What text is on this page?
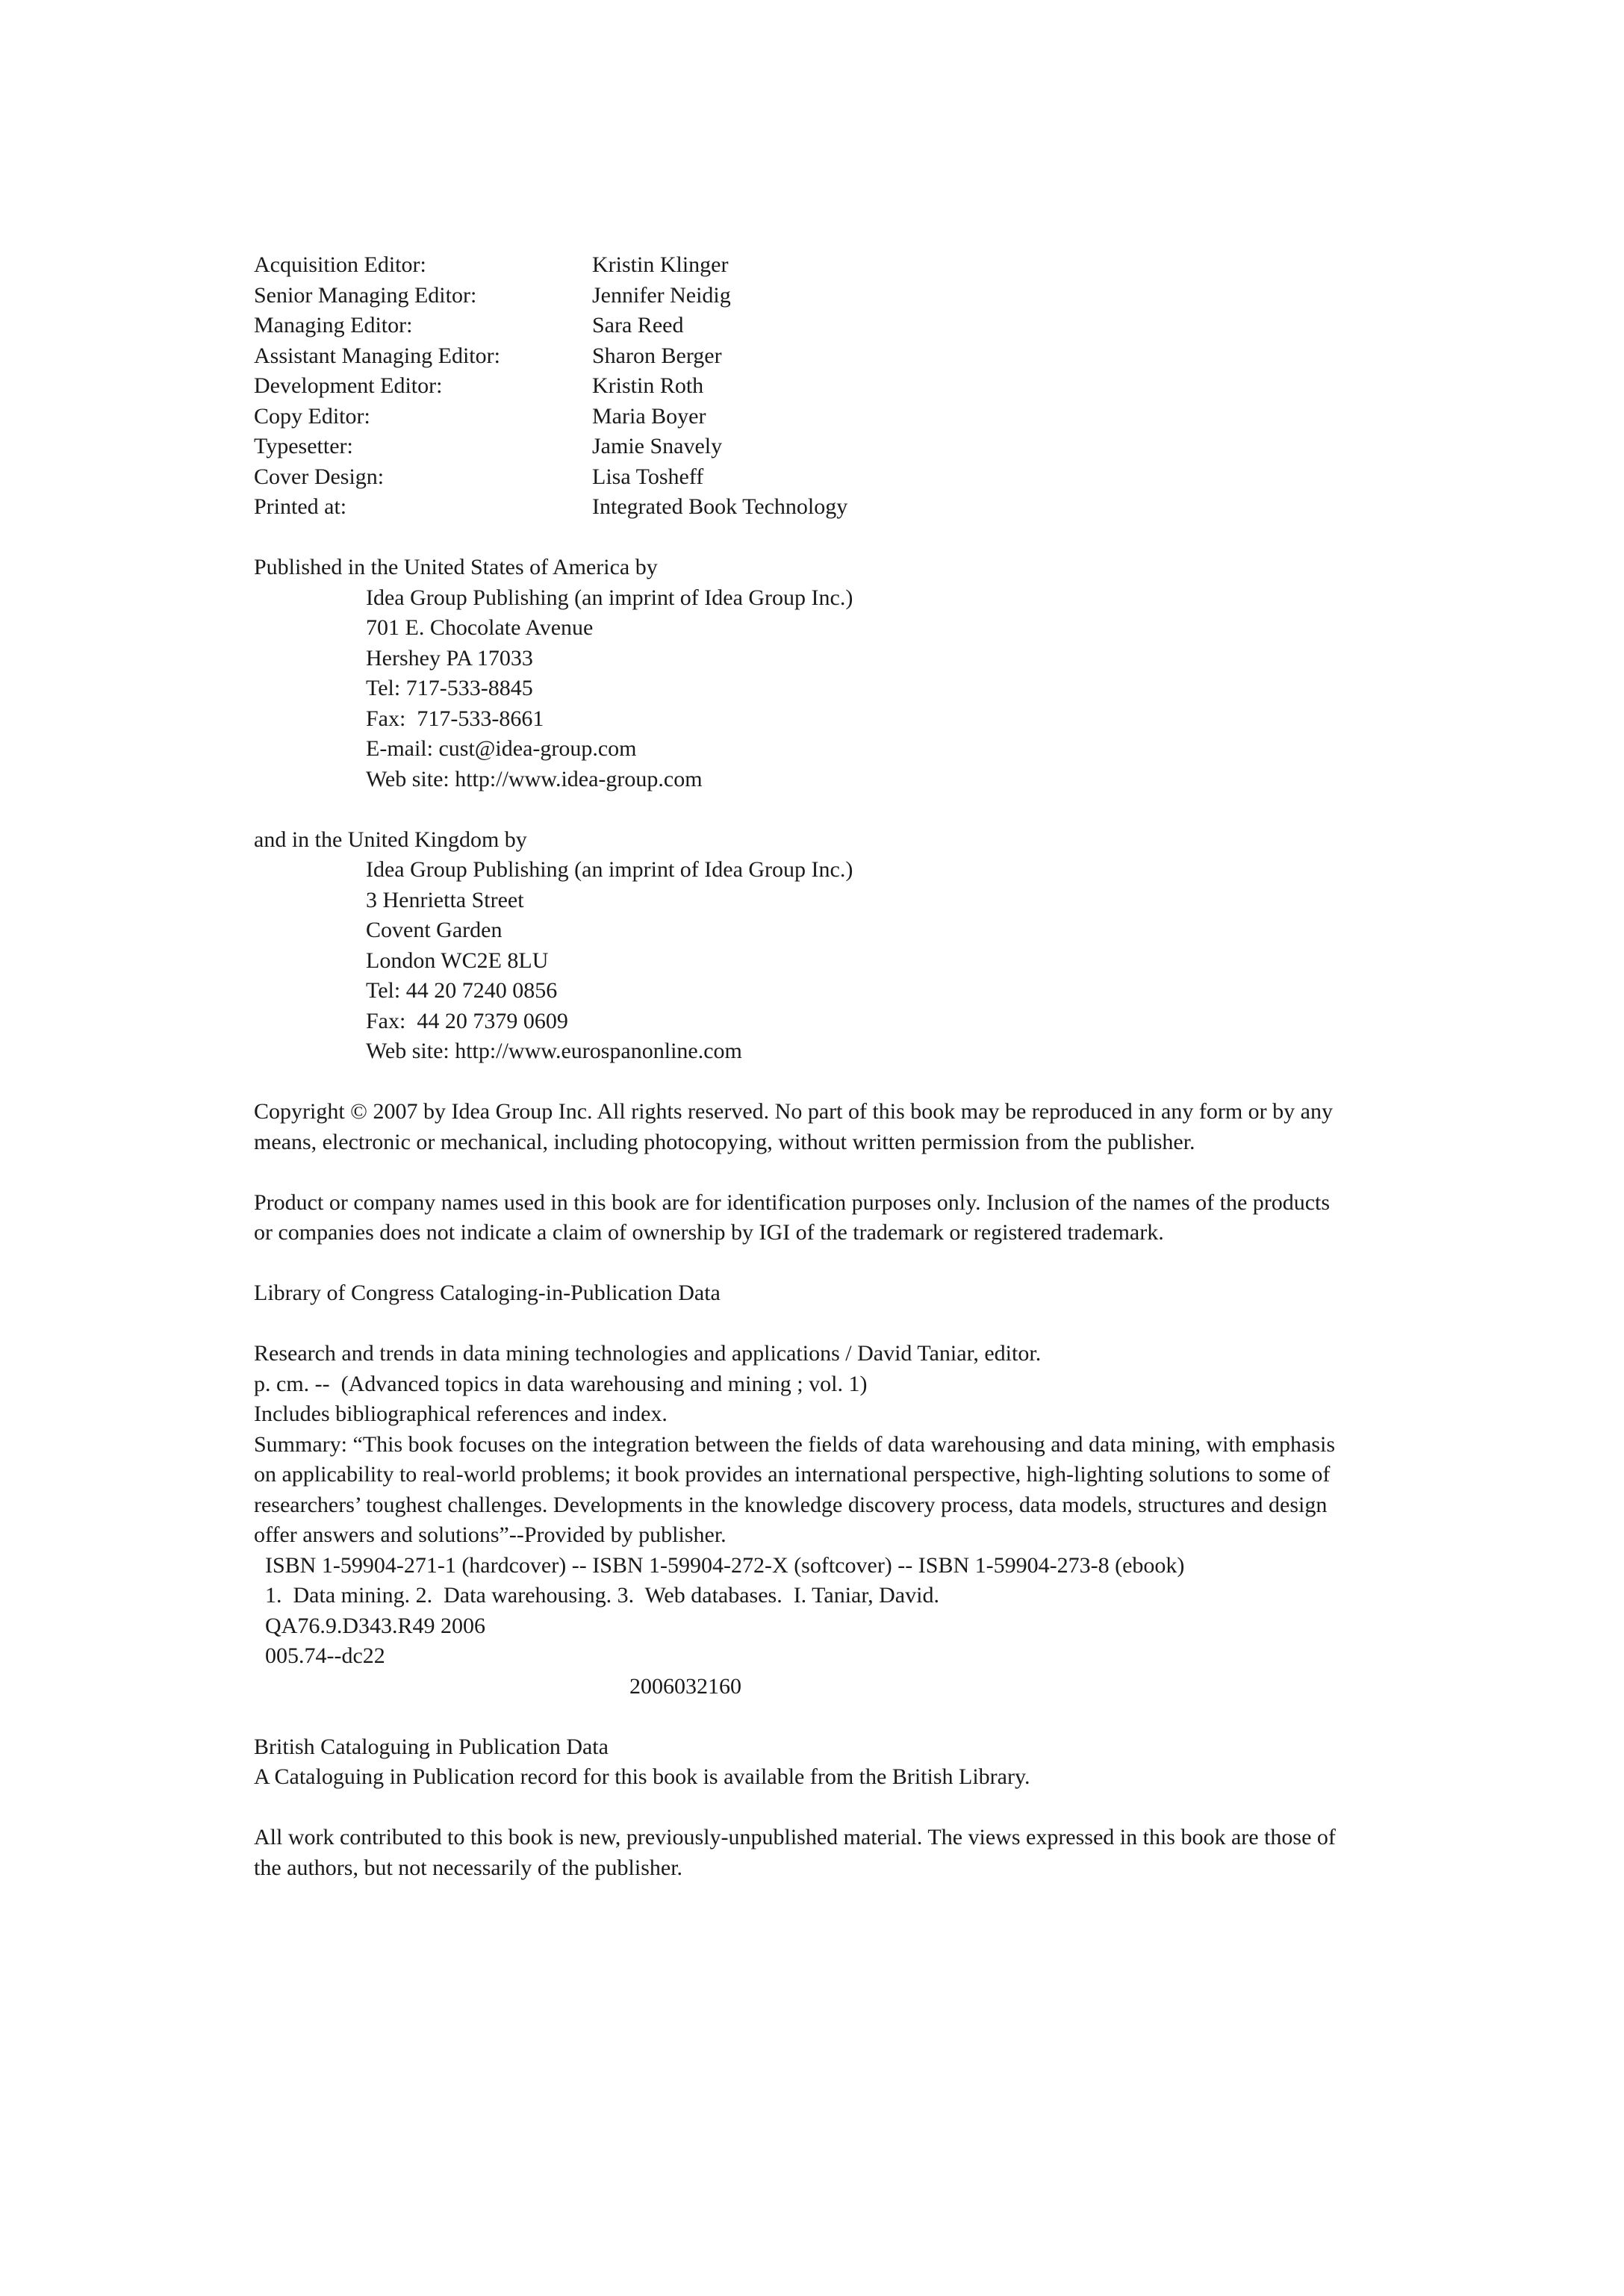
Acquisition Editor:	Kristin Klinger
Senior Managing Editor:	Jennifer Neidig
Managing Editor:	Sara Reed
Assistant Managing Editor:	Sharon Berger
Development Editor:	Kristin Roth
Copy Editor:	Maria Boyer
Typesetter:	Jamie Snavely
Cover Design:	Lisa Tosheff
Printed at:	Integrated Book Technology
Published in the United States of America by
Idea Group Publishing (an imprint of Idea Group Inc.)
701 E. Chocolate Avenue
Hershey PA 17033
Tel: 717-533-8845
Fax:  717-533-8661
E-mail: cust@idea-group.com
Web site: http://www.idea-group.com
and in the United Kingdom by
Idea Group Publishing (an imprint of Idea Group Inc.)
3 Henrietta Street
Covent Garden
London WC2E 8LU
Tel: 44 20 7240 0856
Fax:  44 20 7379 0609
Web site: http://www.eurospanonline.com

Copyright © 2007 by Idea Group Inc. All rights reserved. No part of this book may be reproduced in any form or by any means, electronic or mechanical, including photocopying, without written permission from the publisher.

Product or company names used in this book are for identification purposes only. Inclusion of the names of the products or companies does not indicate a claim of ownership by IGI of the trademark or registered trademark.

Library of Congress Cataloging-in-Publication Data
Research and trends in data mining technologies and applications / David Taniar, editor.
p. cm. --  (Advanced topics in data warehousing and mining ; vol. 1)
Includes bibliographical references and index.

Summary: “This book focuses on the integration between the fields of data warehousing and data mining, with emphasis on applicability to real-world problems; it book provides an international perspective, high-lighting solutions to some of researchers’ toughest challenges. Developments in the knowledge discovery process, data models, structures and design offer answers and solutions”--Provided by publisher.

ISBN 1-59904-271-1 (hardcover) -- ISBN 1-59904-272-X (softcover) -- ISBN 1-59904-273-8 (ebook)
1.  Data mining. 2.  Data warehousing. 3.  Web databases.  I. Taniar, David.
QA76.9.D343.R49 2006
005.74--dc22
2006032160
British Cataloguing in Publication Data
A Cataloguing in Publication record for this book is available from the British Library.

All work contributed to this book is new, previously-unpublished material. The views expressed in this book are those of the authors, but not necessarily of the publisher.
